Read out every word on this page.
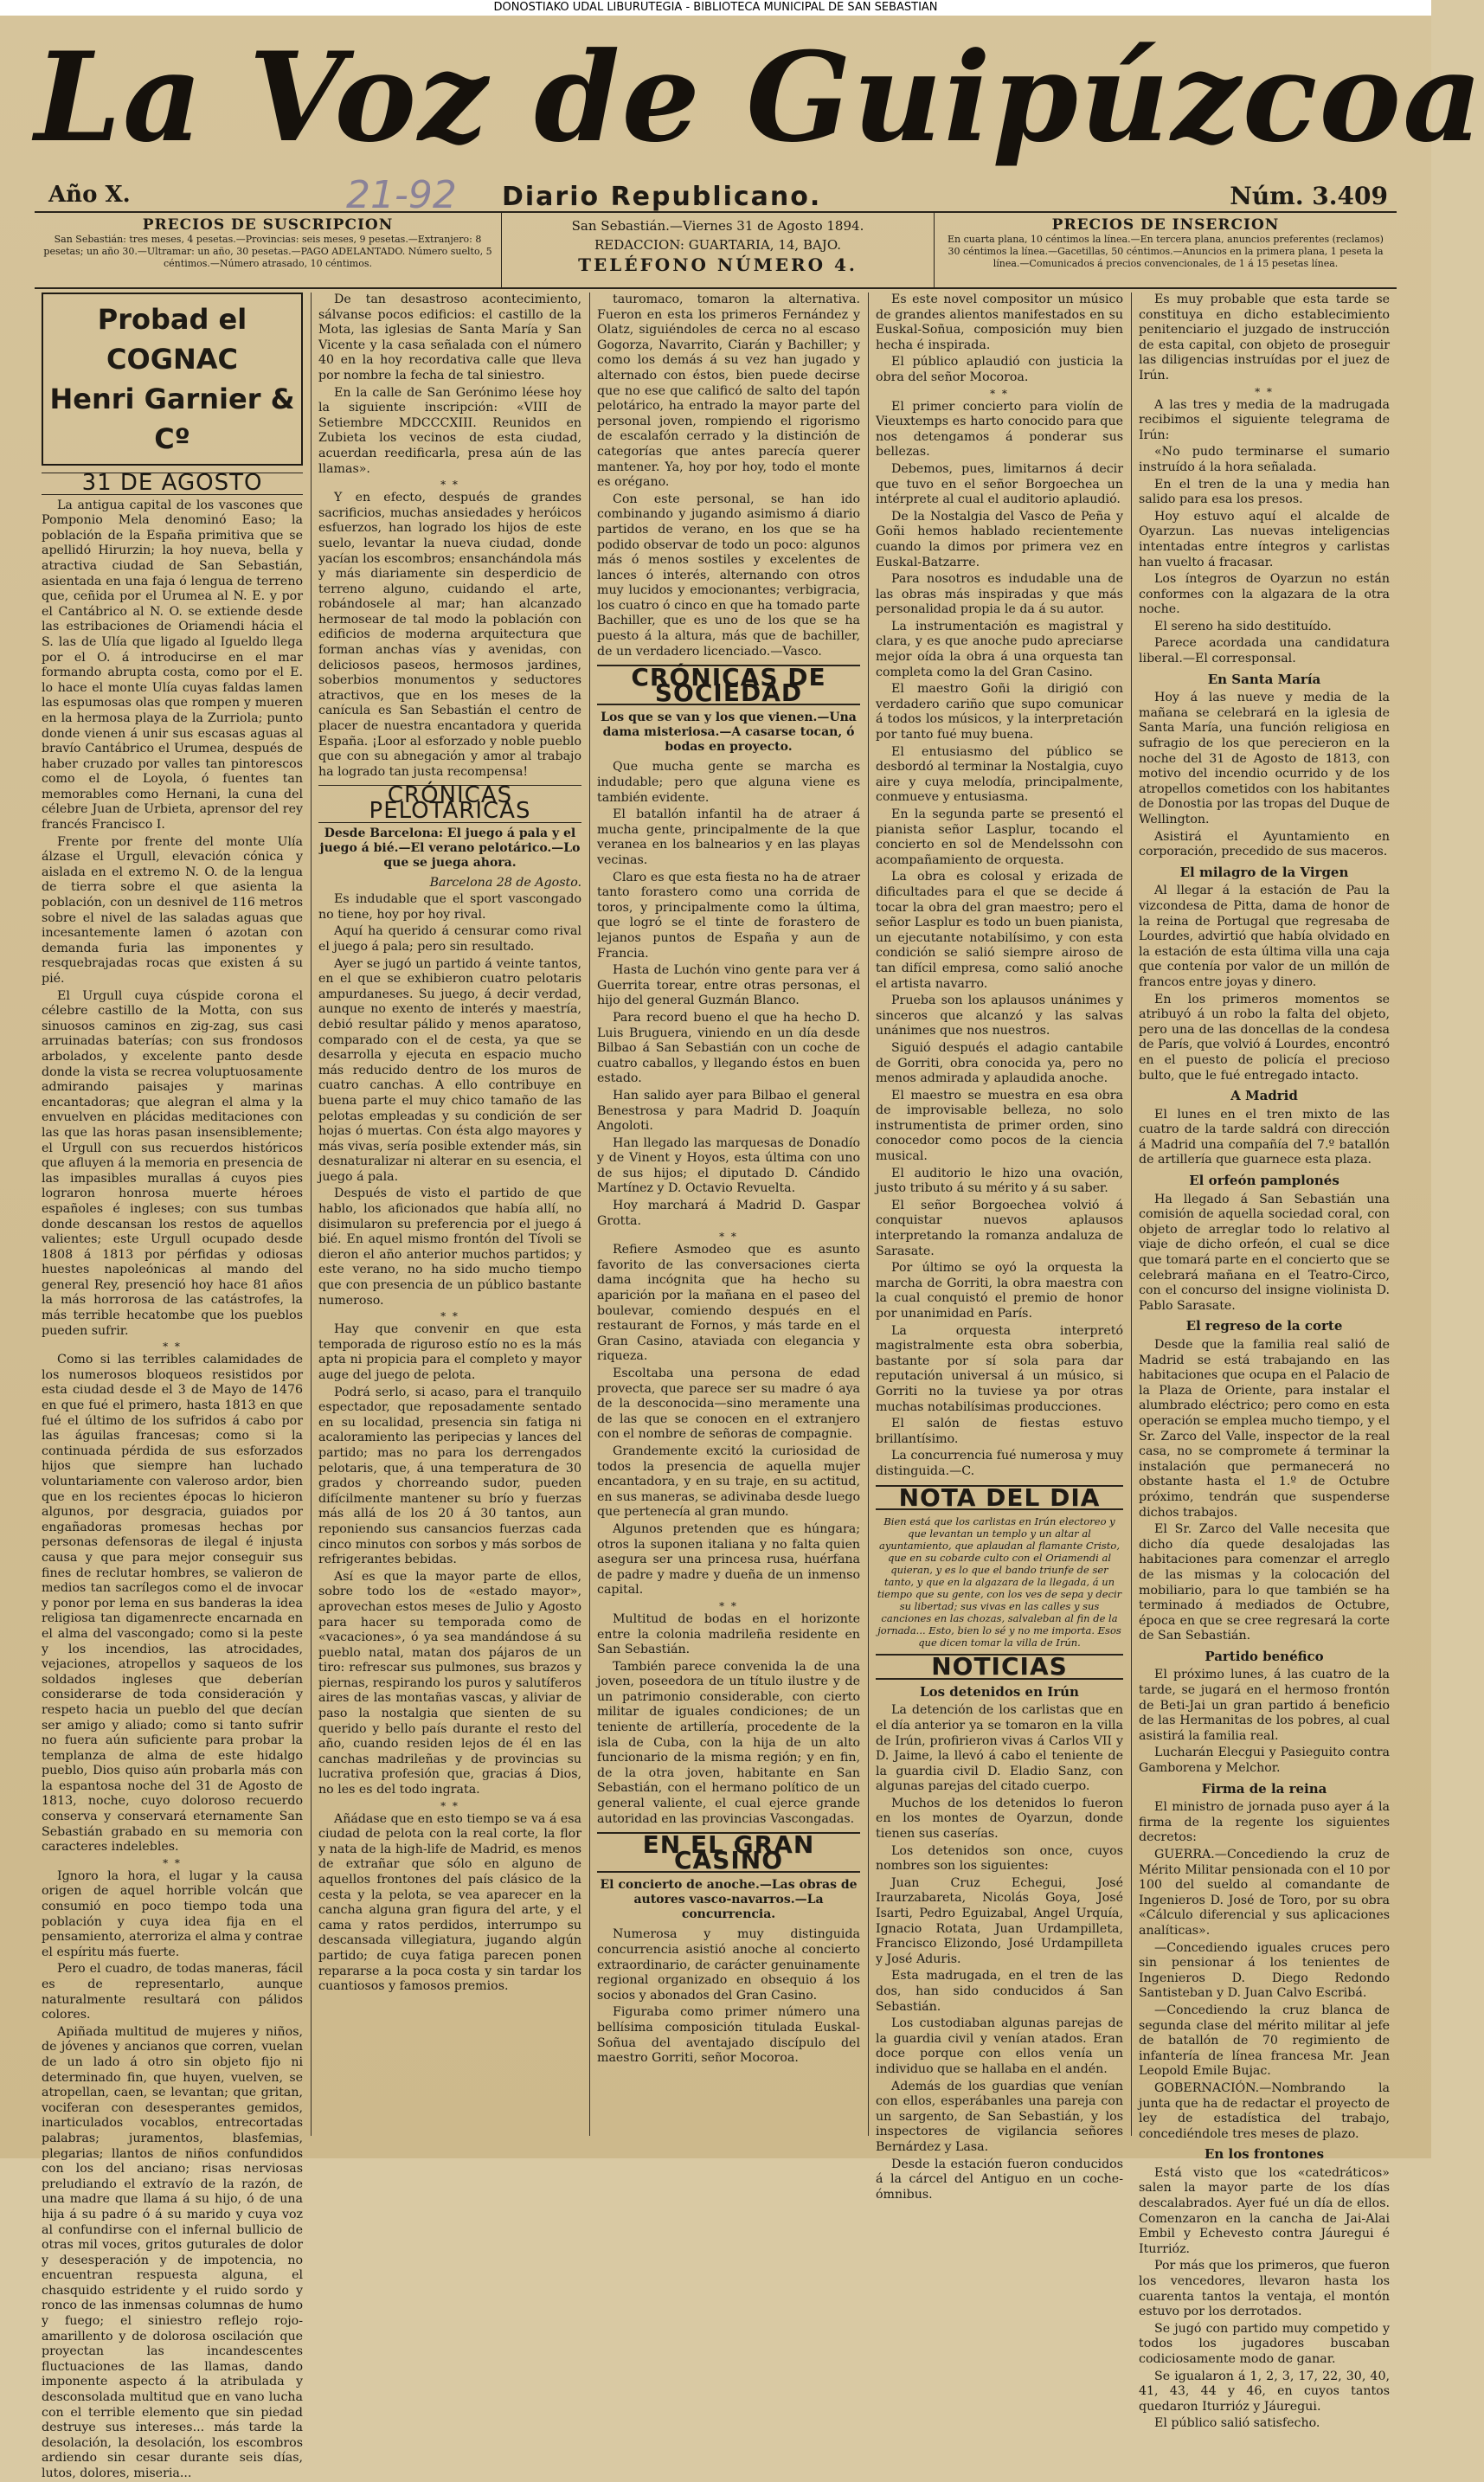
DONOSTIAKO UDAL LIBURUTEGIA - BIBLIOTECA MUNICIPAL DE SAN SEBASTIAN
La Voz de Guipúzcoa
Año X.	21-92 Diario Republicano.	Núm. 3.409
PRECIOS DE SUSCRIPCION
San Sebastián: tres meses, 4 pesetas.—Provincias: seis meses, 9 pesetas.—Extranjero: 8 pesetas; un año 30.—Ultramar: un año, 30 pesetas.—PAGO ADELANTADO. Número suelto, 5 céntimos.—Número atrasado, 10 céntimos.
San Sebastián.—Viernes 31 de Agosto 1894.
REDACCION: GUARTARIA, 14, BAJO.
TELÉFONO NÚMERO 4.
PRECIOS DE INSERCION
En cuarta plana, 10 céntimos la línea.—En tercera plana, anuncios preferentes (reclamos) 30 céntimos la línea.—Gacetillas, 50 céntimos.—Anuncios en la primera plana, 1 peseta la línea.—Comunicados á precios convencionales, de 1 á 15 pesetas línea.
Probad el COGNAC
Henri Garnier & Cº
31 DE AGOSTO

La antigua capital de los vascones que Pomponio Mela denominó Easo; la población de la España primitiva que se apellidó Hirurzin; la hoy nueva, bella y atractiva ciudad de San Sebastián, asientada en una faja ó lengua de terreno que, ceñida por el Urumea al N. E. y por el Cantábrico al N. O. se extiende desde las estribaciones de Oriamendi hácia el S. las de Ulía que ligado al Igueldo llega por el O. á introducirse en el mar formando abrupta costa, como por el E. lo hace el monte Ulía cuyas faldas lamen las espumosas olas que rompen y mueren en la hermosa playa de la Zurriola; punto donde vienen á unir sus escasas aguas al bravío Cantábrico el Urumea, después de haber cruzado por valles tan pintorescos como el de Loyola, ó fuentes tan memorables como Hernani, la cuna del célebre Juan de Urbieta, aprensor del rey francés Francisco I.

Frente por frente del monte Ulía álzase el Urgull, elevación cónica y aislada en el extremo N. O. de la lengua de tierra sobre el que asienta la población, con un desnivel de 116 metros sobre el nivel de las saladas aguas que incesantemente lamen ó azotan con demanda furia las imponentes y resquebrajadas rocas que existen á su pié.

El Urgull cuya cúspide corona el célebre castillo de la Motta, con sus sinuosos caminos en zig-zag, sus casi arruinadas baterías; con sus frondosos arbolados, y excelente panto desde donde la vista se recrea voluptuosamente admirando paisajes y marinas encantadoras; que alegran el alma y la envuelven en plácidas meditaciones con las que las horas pasan insensiblemente; el Urgull con sus recuerdos históricos que afluyen á la memoria en presencia de las impasibles murallas á cuyos pies lograron honrosa muerte héroes españoles é ingleses; con sus tumbas donde descansan los restos de aquellos valientes; este Urgull ocupado desde 1808 á 1813 por pérfidas y odiosas huestes napoleónicas al mando del general Rey, presenció hoy hace 81 años la más horrorosa de las catástrofes, la más terrible hecatombe que los pueblos pueden sufrir.

* *

Como si las terribles calamidades de los numerosos bloqueos resistidos por esta ciudad desde el 3 de Mayo de 1476 en que fué el primero, hasta 1813 en que fué el último de los sufridos á cabo por las águilas francesas; como si la continuada pérdida de sus esforzados hijos que siempre han luchado voluntariamente con valeroso ardor, bien que en los recientes épocas lo hicieron algunos, por desgracia, guiados por engañadoras promesas hechas por personas defensoras de ilegal é injusta causa y que para mejor conseguir sus fines de reclutar hombres, se valieron de medios tan sacrílegos como el de invocar y ponor por lema en sus banderas la idea religiosa tan digamenrecte encarnada en el alma del vascongado; como si la peste y los incendios, las atrocidades, vejaciones, atropellos y saqueos de los soldados ingleses que deberían considerarse de toda consideración y respeto hacia un pueblo del que decían ser amigo y aliado; como si tanto sufrir no fuera aún suficiente para probar la templanza de alma de este hidalgo pueblo, Dios quiso aún probarla más con la espantosa noche del 31 de Agosto de 1813, noche, cuyo doloroso recuerdo conserva y conservará eternamente San Sebastián grabado en su memoria con caracteres indelebles.

* *

Ignoro la hora, el lugar y la causa origen de aquel horrible volcán que consumió en poco tiempo toda una población y cuya idea fija en el pensamiento, aterroriza el alma y contrae el espíritu más fuerte.

Pero el cuadro, de todas maneras, fácil es de representarlo, aunque naturalmente resultará con pálidos colores.

Apiñada multitud de mujeres y niños, de jóvenes y ancianos que corren, vuelan de un lado á otro sin objeto fijo ni determinado fin, que huyen, vuelven, se atropellan, caen, se levantan; que gritan, vociferan con desesperantes gemidos, inarticulados vocablos, entrecortadas palabras; juramentos, blasfemias, plegarias; llantos de niños confundidos con los del anciano; risas nerviosas preludiando el extravío de la razón, de una madre que llama á su hijo, ó de una hija á su padre ó á su marido y cuya voz al confundirse con el infernal bullicio de otras mil voces, gritos guturales de dolor y desesperación y de impotencia, no encuentran respuesta alguna, el chasquido estridente y el ruido sordo y ronco de las inmensas columnas de humo y fuego; el siniestro reflejo rojo-amarillento y de dolorosa oscilación que proyectan las incandescentes fluctuaciones de las llamas, dando imponente aspecto á la atribulada y desconsolada multitud que en vano lucha con el terrible elemento que sin piedad destruye sus intereses... más tarde la desolación, la desolación, los escombros ardiendo sin cesar durante seis días, lutos, dolores, miseria...

De tan desastroso acontecimiento, sálvanse pocos edificios: el castillo de la Mota, las iglesias de Santa María y San Vicente y la casa señalada con el número 40 en la hoy recordativa calle que lleva por nombre la fecha de tal siniestro.

En la calle de San Gerónimo léese hoy la siguiente inscripción: «VIII de Setiembre MDCCCXIII. Reunidos en Zubieta los vecinos de esta ciudad, acuerdan reedificarla, presa aún de las llamas».

* *

Y en efecto, después de grandes sacrificios, muchas ansiedades y heróicos esfuerzos, han logrado los hijos de este suelo, levantar la nueva ciudad, donde yacían los escombros; ensanchándola más y más diariamente sin desperdicio de terreno alguno, cuidando el arte, robándosele al mar; han alcanzado hermosear de tal modo la población con edificios de moderna arquitectura que forman anchas vías y avenidas, con deliciosos paseos, hermosos jardines, soberbios monumentos y seductores atractivos, que en los meses de la canícula es San Sebastián el centro de placer de nuestra encantadora y querida España. ¡Loor al esforzado y noble pueblo que con su abnegación y amor al trabajo ha logrado tan justa recompensa!

CRÓNICAS PELOTÁRICAS
Desde Barcelona: El juego á pala y el juego á bié.—El verano pelotárico.—Lo que se juega ahora.

Barcelona 28 de Agosto.

Es indudable que el sport vascongado no tiene, hoy por hoy rival.

Aquí ha querido á censurar como rival el juego á pala; pero sin resultado.

Ayer se jugó un partido á veinte tantos, en el que se exhibieron cuatro pelotaris ampurdaneses. Su juego, á decir verdad, aunque no exento de interés y maestría, debió resultar pálido y menos aparatoso, comparado con el de cesta, ya que se desarrolla y ejecuta en espacio mucho más reducido dentro de los muros de cuatro canchas. A ello contribuye en buena parte el muy chico tamaño de las pelotas empleadas y su condición de ser hojas ó muertas. Con ésta algo mayores y más vivas, sería posible extender más, sin desnaturalizar ni alterar en su esencia, el juego á pala.

Después de visto el partido de que hablo, los aficionados que había allí, no disimularon su preferencia por el juego á bié. En aquel mismo frontón del Tívoli se dieron el año anterior muchos partidos; y este verano, no ha sido mucho tiempo que con presencia de un público bastante numeroso.

* *

Hay que convenir en que esta temporada de riguroso estío no es la más apta ni propicia para el completo y mayor auge del juego de pelota.

Podrá serlo, si acaso, para el tranquilo espectador, que reposadamente sentado en su localidad, presencia sin fatiga ni acaloramiento las peripecias y lances del partido; mas no para los derrengados pelotaris, que, á una temperatura de 30 grados y chorreando sudor, pueden difícilmente mantener su brío y fuerzas más allá de los 20 á 30 tantos, aun reponiendo sus cansancios fuerzas cada cinco minutos con sorbos y más sorbos de refrigerantes bebidas.

Así es que la mayor parte de ellos, sobre todo los de «estado mayor», aprovechan estos meses de Julio y Agosto para hacer su temporada como de «vacaciones», ó ya sea mandándose á su pueblo natal, matan dos pájaros de un tiro: refrescar sus pulmones, sus brazos y piernas, respirando los puros y salutíferos aires de las montañas vascas, y aliviar de paso la nostalgia que sienten de su querido y bello país durante el resto del año, cuando residen lejos de él en las canchas madrileñas y de provincias su lucrativa profesión que, gracias á Dios, no les es del todo ingrata.

* *

Añádase que en esto tiempo se va á esa ciudad de pelota con la real corte, la flor y nata de la high-life de Madrid, es menos de extrañar que sólo en alguno de aquellos frontones del país clásico de la cesta y la pelota, se vea aparecer en la cancha alguna gran figura del arte, y el cama y ratos perdidos, interrumpo su descansada villegiatura, jugando algún partido; de cuya fatiga parecen ponen repararse a la poca costa y sin tardar los cuantiosos y famosos premios.

tauromaco, tomaron la alternativa. Fueron en esta los primeros Fernández y Olatz, siguiéndoles de cerca no al escaso Gogorza, Navarrito, Ciarán y Bachiller; y como los demás á su vez han jugado y alternado con éstos, bien puede decirse que no ese que calificó de salto del tapón pelotárico, ha entrado la mayor parte del personal joven, rompiendo el rigorismo de escalafón cerrado y la distinción de categorías que antes parecía querer mantener. Ya, hoy por hoy, todo el monte es orégano.

Con este personal, se han ido combinando y jugando asimismo á diario partidos de verano, en los que se ha podido observar de todo un poco: algunos más ó menos sostiles y excelentes de lances ó interés, alternando con otros muy lucidos y emocionantes; verbigracia, los cuatro ó cinco en que ha tomado parte Bachiller, que es uno de los que se ha puesto á la altura, más que de bachiller, de un verdadero licenciado.—Vasco.

CRÓNICAS DE SOCIEDAD
Los que se van y los que vienen.—Una dama misteriosa.—A casarse tocan, ó bodas en proyecto.

Que mucha gente se marcha es indudable; pero que alguna viene es también evidente.

El batallón infantil ha de atraer á mucha gente, principalmente de la que veranea en los balnearios y en las playas vecinas.

Claro es que esta fiesta no ha de atraer tanto forastero como una corrida de toros, y principalmente como la última, que logró se el tinte de forastero de lejanos puntos de España y aun de Francia.

Hasta de Luchón vino gente para ver á Guerrita torear, entre otras personas, el hijo del general Guzmán Blanco.

Para record bueno el que ha hecho D. Luis Bruguera, viniendo en un día desde Bilbao á San Sebastián con un coche de cuatro caballos, y llegando éstos en buen estado.

Han salido ayer para Bilbao el general Benestrosa y para Madrid D. Joaquín Angoloti.

Han llegado las marquesas de Donadío y de Vinent y Hoyos, esta última con uno de sus hijos; el diputado D. Cándido Martínez y D. Octavio Revuelta.

Hoy marchará á Madrid D. Gaspar Grotta.

* *

Refiere Asmodeo que es asunto favorito de las conversaciones cierta dama incógnita que ha hecho su aparición por la mañana en el paseo del boulevar, comiendo después en el restaurant de Fornos, y más tarde en el Gran Casino, ataviada con elegancia y riqueza.

Escoltaba una persona de edad provecta, que parece ser su madre ó aya de la desconocida—sino meramente una de las que se conocen en el extranjero con el nombre de señoras de compagnie.

Grandemente excitó la curiosidad de todos la presencia de aquella mujer encantadora, y en su traje, en su actitud, en sus maneras, se adivinaba desde luego que pertenecía al gran mundo.

Algunos pretenden que es húngara; otros la suponen italiana y no falta quien asegura ser una princesa rusa, huérfana de padre y madre y dueña de un inmenso capital.

* *

Multitud de bodas en el horizonte entre la colonia madrileña residente en San Sebastián.

También parece convenida la de una joven, poseedora de un título ilustre y de un patrimonio considerable, con cierto militar de iguales condiciones; de un teniente de artillería, procedente de la isla de Cuba, con la hija de un alto funcionario de la misma región; y en fin, de la otra joven, habitante en San Sebastián, con el hermano político de un general valiente, el cual ejerce grande autoridad en las provincias Vascongadas.

EN EL GRAN CASINO
El concierto de anoche.—Las obras de autores vasco-navarros.—La concurrencia.

Numerosa y muy distinguida concurrencia asistió anoche al concierto extraordinario, de carácter genuinamente regional organizado en obsequio á los socios y abonados del Gran Casino.

Figuraba como primer número una bellísima composición titulada Euskal-Soñua del aventajado discípulo del maestro Gorriti, señor Mocoroa.

Es este novel compositor un músico de grandes alientos manifestados en su Euskal-Soñua, composición muy bien hecha é inspirada.

El público aplaudió con justicia la obra del señor Mocoroa.

* *

El primer concierto para violín de Vieuxtemps es harto conocido para que nos detengamos á ponderar sus bellezas.

Debemos, pues, limitarnos á decir que tuvo en el señor Borgoechea un intérprete al cual el auditorio aplaudió.

De la Nostalgia del Vasco de Peña y Goñi hemos hablado recientemente cuando la dimos por primera vez en Euskal-Batzarre.

Para nosotros es indudable una de las obras más inspiradas y que más personalidad propia le da á su autor.

La instrumentación es magistral y clara, y es que anoche pudo apreciarse mejor oída la obra á una orquesta tan completa como la del Gran Casino.

El maestro Goñi la dirigió con verdadero cariño que supo comunicar á todos los músicos, y la interpretación por tanto fué muy buena.

El entusiasmo del público se desbordó al terminar la Nostalgia, cuyo aire y cuya melodía, principalmente, conmueve y entusiasma.

En la segunda parte se presentó el pianista señor Lasplur, tocando el concierto en sol de Mendelssohn con acompañamiento de orquesta.

La obra es colosal y erizada de dificultades para el que se decide á tocar la obra del gran maestro; pero el señor Lasplur es todo un buen pianista, un ejecutante notabilísimo, y con esta condición se salió siempre airoso de tan difícil empresa, como salió anoche el artista navarro.

Prueba son los aplausos unánimes y sinceros que alcanzó y las salvas unánimes que nos nuestros.

Siguió después el adagio cantabile de Gorriti, obra conocida ya, pero no menos admirada y aplaudida anoche.

El maestro se muestra en esa obra de improvisable belleza, no solo instrumentista de primer orden, sino conocedor como pocos de la ciencia musical.

El auditorio le hizo una ovación, justo tributo á su mérito y á su saber.

El señor Borgoechea volvió á conquistar nuevos aplausos interpretando la romanza andaluza de Sarasate.

Por último se oyó la orquesta la marcha de Gorriti, la obra maestra con la cual conquistó el premio de honor por unanimidad en París.

La orquesta interpretó magistralmente esta obra soberbia, bastante por sí sola para dar reputación universal á un músico, si Gorriti no la tuviese ya por otras muchas notabilísimas producciones.

El salón de fiestas estuvo brillantísimo.

La concurrencia fué numerosa y muy distinguida.—C.

NOTA DEL DIA
Bien está que los carlistas en Irún electoreo y que levantan un templo y un altar al ayuntamiento, que aplaudan al flamante Cristo, que en su cobarde culto con el Oriamendi al quieran, y es lo que el bando triunfe de ser tanto, y que en la algazara de la llegada, á un tiempo que su gente, con los ves de sepa y decir su libertad; sus vivas en las calles y sus canciones en las chozas, salvaleban al fin de la jornada... Esto, bien lo sé y no me importa. Esos que dicen tomar la villa de Irún.
NOTICIAS
Los detenidos en Irún

La detención de los carlistas que en el día anterior ya se tomaron en la villa de Irún, profirieron vivas á Carlos VII y D. Jaime, la llevó á cabo el teniente de la guardia civil D. Eladio Sanz, con algunas parejas del citado cuerpo.

Muchos de los detenidos lo fueron en los montes de Oyarzun, donde tienen sus caserías.

Los detenidos son once, cuyos nombres son los siguientes:

Juan Cruz Echegui, José Iraurzabareta, Nicolás Goya, José Isarti, Pedro Eguizabal, Angel Urquía, Ignacio Rotata, Juan Urdampilleta, Francisco Elizondo, José Urdampilleta y José Aduris.

Esta madrugada, en el tren de las dos, han sido conducidos á San Sebastián.

Los custodiaban algunas parejas de la guardia civil y venían atados. Eran doce porque con ellos venía un individuo que se hallaba en el andén.

Además de los guardias que venían con ellos, esperábanles una pareja con un sargento, de San Sebastián, y los inspectores de vigilancia señores Bernárdez y Lasa.

Desde la estación fueron conducidos á la cárcel del Antiguo en un coche-ómnibus.

Es muy probable que esta tarde se constituya en dicho establecimiento penitenciario el juzgado de instrucción de esta capital, con objeto de proseguir las diligencias instruídas por el juez de Irún.

* *

A las tres y media de la madrugada recibimos el siguiente telegrama de Irún:

«No pudo terminarse el sumario instruído á la hora señalada.

En el tren de la una y media han salido para esa los presos.

Hoy estuvo aquí el alcalde de Oyarzun. Las nuevas inteligencias intentadas entre íntegros y carlistas han vuelto á fracasar.

Los íntegros de Oyarzun no están conformes con la algazara de la otra noche.

El sereno ha sido destituído.

Parece acordada una candidatura liberal.—El corresponsal.

En Santa María

Hoy á las nueve y media de la mañana se celebrará en la iglesia de Santa María, una función religiosa en sufragio de los que perecieron en la noche del 31 de Agosto de 1813, con motivo del incendio ocurrido y de los atropellos cometidos con los habitantes de Donostia por las tropas del Duque de Wellington.

Asistirá el Ayuntamiento en corporación, precedido de sus maceros.

El milagro de la Virgen

Al llegar á la estación de Pau la vizcondesa de Pitta, dama de honor de la reina de Portugal que regresaba de Lourdes, advirtió que había olvidado en la estación de esta última villa una caja que contenía por valor de un millón de francos entre joyas y dinero.

En los primeros momentos se atribuyó á un robo la falta del objeto, pero una de las doncellas de la condesa de París, que volvió á Lourdes, encontró en el puesto de policía el precioso bulto, que le fué entregado intacto.

A Madrid

El lunes en el tren mixto de las cuatro de la tarde saldrá con dirección á Madrid una compañía del 7.º batallón de artillería que guarnece esta plaza.

El orfeón pamplonés

Ha llegado á San Sebastián una comisión de aquella sociedad coral, con objeto de arreglar todo lo relativo al viaje de dicho orfeón, el cual se dice que tomará parte en el concierto que se celebrará mañana en el Teatro-Circo, con el concurso del insigne violinista D. Pablo Sarasate.

El regreso de la corte

Desde que la familia real salió de Madrid se está trabajando en las habitaciones que ocupa en el Palacio de la Plaza de Oriente, para instalar el alumbrado eléctrico; pero como en esta operación se emplea mucho tiempo, y el Sr. Zarco del Valle, inspector de la real casa, no se compromete á terminar la instalación que permanecerá no obstante hasta el 1.º de Octubre próximo, tendrán que suspenderse dichos trabajos.

El Sr. Zarco del Valle necesita que dicho día quede desalojadas las habitaciones para comenzar el arreglo de las mismas y la colocación del mobiliario, para lo que también se ha terminado á mediados de Octubre, época en que se cree regresará la corte de San Sebastián.

Partido benéfico

El próximo lunes, á las cuatro de la tarde, se jugará en el hermoso frontón de Beti-Jai un gran partido á beneficio de las Hermanitas de los pobres, al cual asistirá la familia real.

Lucharán Elecgui y Pasieguito contra Gamborena y Melchor.

Firma de la reina

El ministro de jornada puso ayer á la firma de la regente los siguientes decretos:

GUERRA.—Concediendo la cruz de Mérito Militar pensionada con el 10 por 100 del sueldo al comandante de Ingenieros D. José de Toro, por su obra «Cálculo diferencial y sus aplicaciones analíticas».

—Concediendo iguales cruces pero sin pensionar á los tenientes de Ingenieros D. Diego Redondo Santisteban y D. Juan Calvo Escribá.

—Concediendo la cruz blanca de segunda clase del mérito militar al jefe de batallón de 70 regimiento de infantería de línea francesa Mr. Jean Leopold Emile Bujac.

GOBERNACIÓN.—Nombrando la junta que ha de redactar el proyecto de ley de estadística del trabajo, concediéndole tres meses de plazo.

En los frontones

Está visto que los «catedráticos» salen la mayor parte de los días descalabrados. Ayer fué un día de ellos. Comenzaron en la cancha de Jai-Alai Embil y Echevesto contra Jáuregui é Iturrióz.

Por más que los primeros, que fueron los vencedores, llevaron hasta los cuarenta tantos la ventaja, el montón estuvo por los derrotados.

Se jugó con partido muy competido y todos los jugadores buscaban codiciosamente modo de ganar.

Se igualaron á 1, 2, 3, 17, 22, 30, 40, 41, 43, 44 y 46, en cuyos tantos quedaron Iturrióz y Jáuregui.

El público salió satisfecho.
